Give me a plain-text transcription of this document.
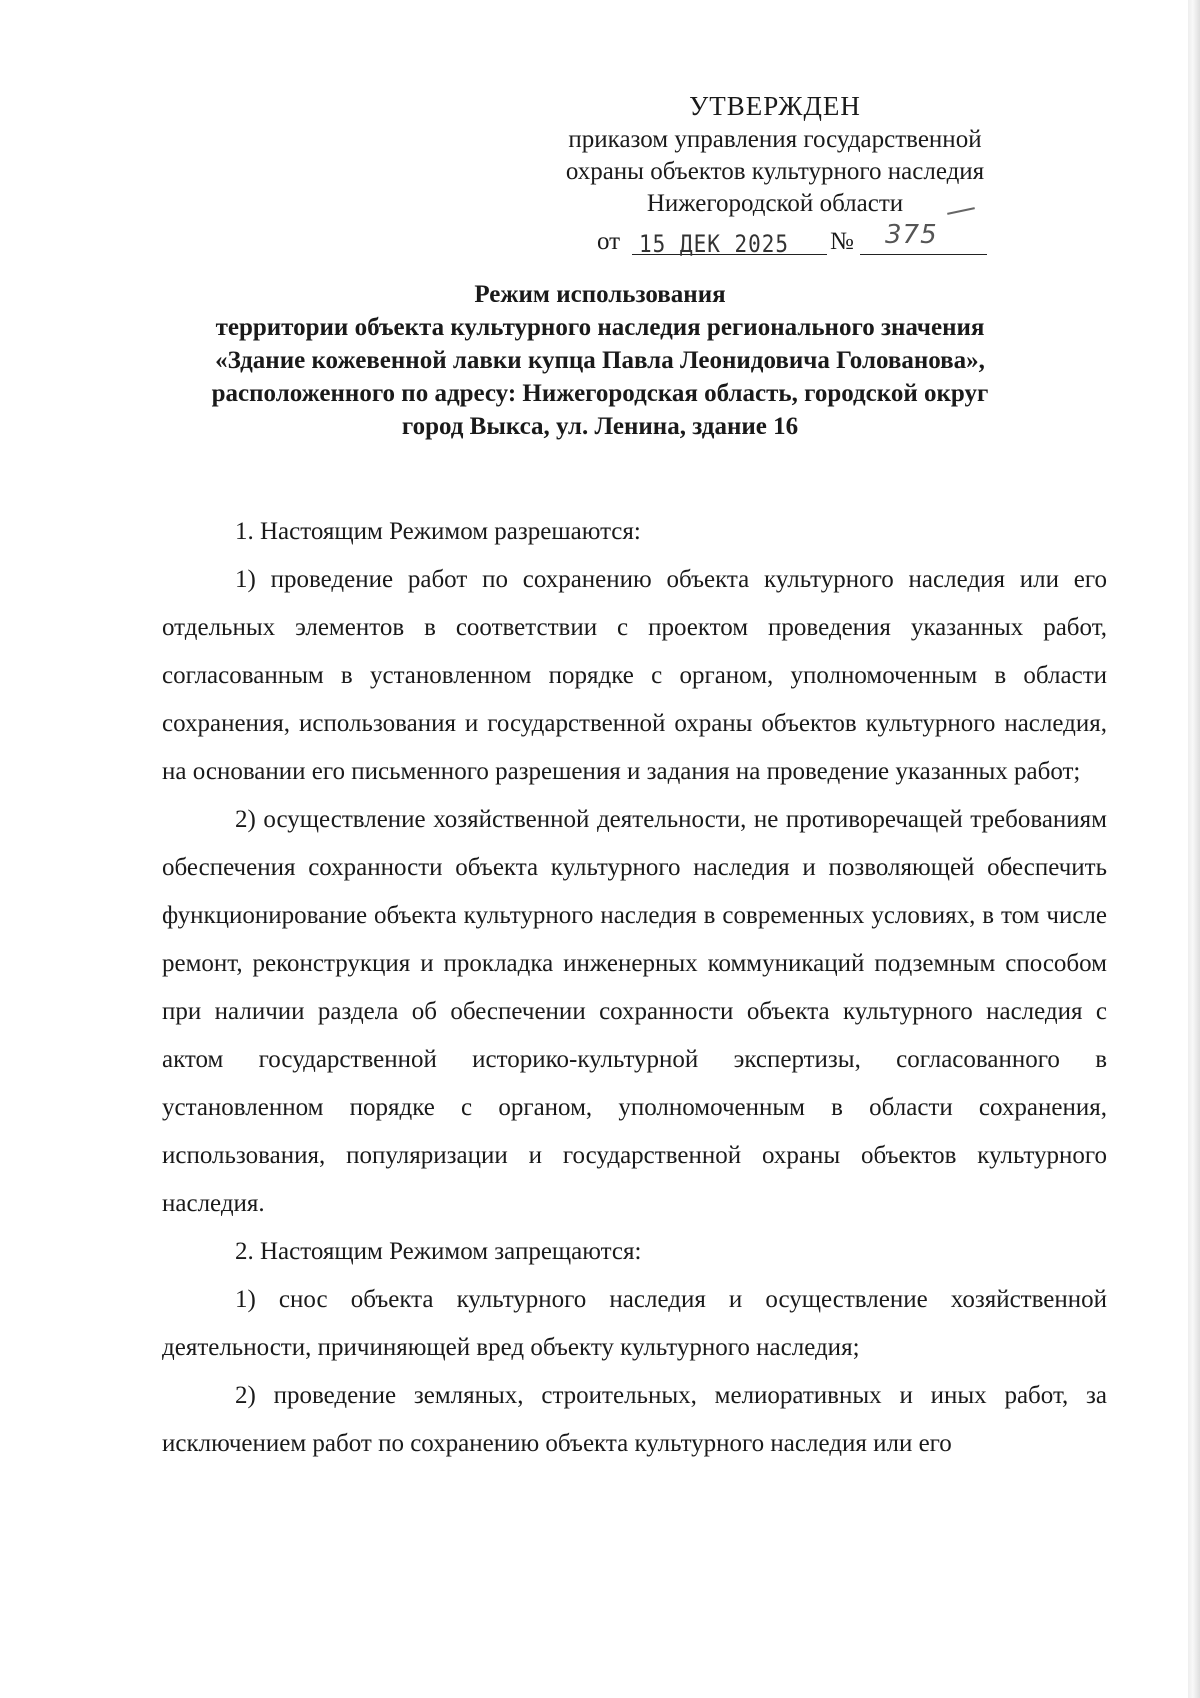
УТВЕРЖДЕН
приказом управления государственной
охраны объектов культурного наследия
Нижегородской области
от 15 ДЕК 2025 № 375
Режим использования
территории объекта культурного наследия регионального значения
«Здание кожевенной лавки купца Павла Леонидовича Голованова»,
расположенного по адресу: Нижегородская область, городской округ
город Выкса, ул. Ленина, здание 16

1. Настоящим Режимом разрешаются:

1) проведение работ по сохранению объекта культурного наследия или его отдельных элементов в соответствии с проектом проведения указанных работ, согласованным в установленном порядке с органом, уполномоченным в области сохранения, использования и государственной охраны объектов культурного наследия, на основании его письменного разрешения и задания на проведение указанных работ;

2) осуществление хозяйственной деятельности, не противоречащей требованиям обеспечения сохранности объекта культурного наследия и позволяющей обеспечить функционирование объекта культурного наследия в современных условиях, в том числе ремонт, реконструкция и прокладка инженерных коммуникаций подземным способом при наличии раздела об обеспечении сохранности объекта культурного наследия с актом государственной историко-культурной экспертизы, согласованного в установленном порядке с органом, уполномоченным в области сохранения, использования, популяризации и государственной охраны объектов культурного наследия.

2. Настоящим Режимом запрещаются:

1) снос объекта культурного наследия и осуществление хозяйственной деятельности, причиняющей вред объекту культурного наследия;

2) проведение земляных, строительных, мелиоративных и иных работ, за исключением работ по сохранению объекта культурного наследия или его
